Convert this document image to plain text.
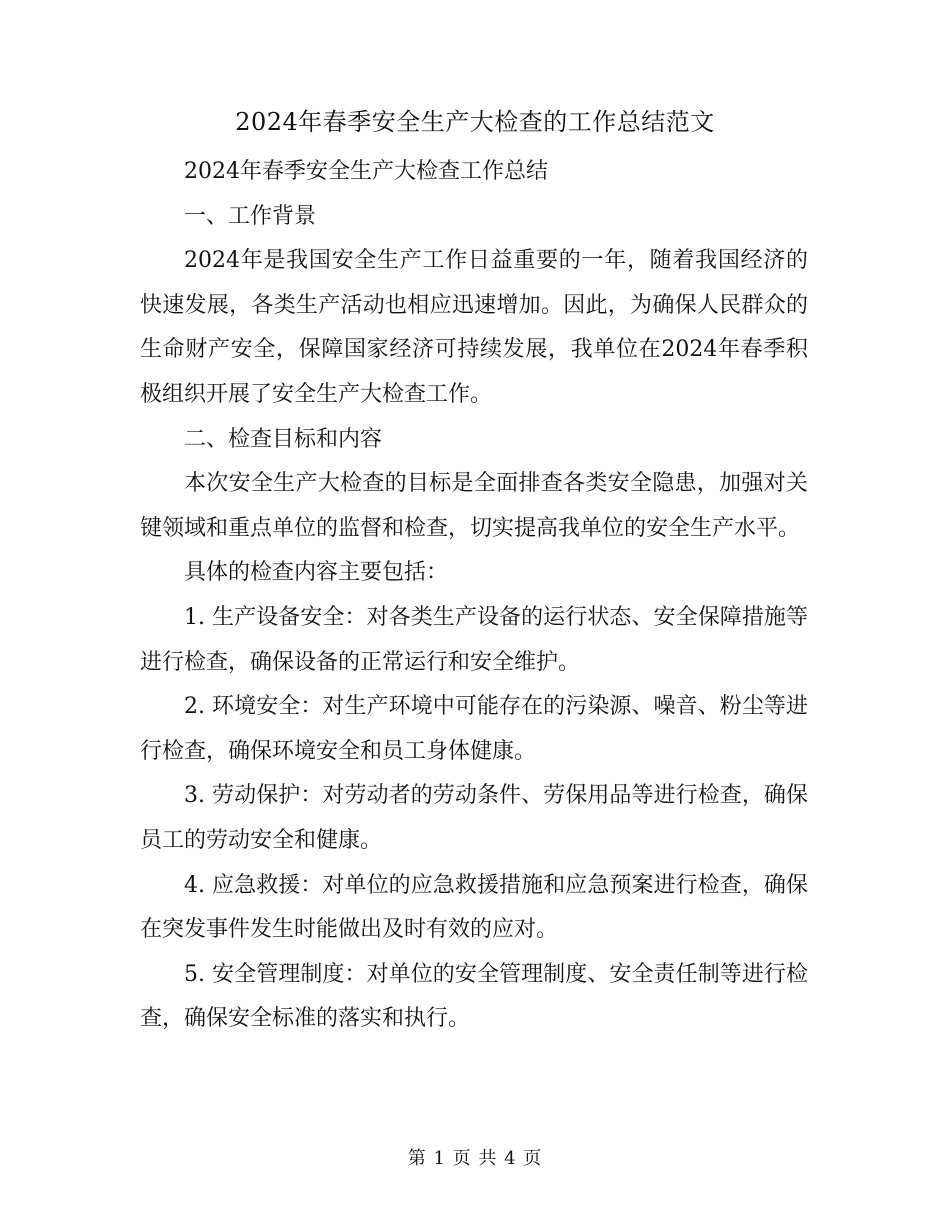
2024年春季安全生产大检查的工作总结范文

2024年春季安全生产大检查工作总结

一、工作背景

2024年是我国安全生产工作日益重要的一年，随着我国经济的快速发展，各类生产活动也相应迅速增加。因此，为确保人民群众的生命财产安全，保障国家经济可持续发展，我单位在2024年春季积极组织开展了安全生产大检查工作。

二、检查目标和内容

本次安全生产大检查的目标是全面排查各类安全隐患，加强对关键领域和重点单位的监督和检查，切实提高我单位的安全生产水平。

具体的检查内容主要包括：

1. 生产设备安全：对各类生产设备的运行状态、安全保障措施等进行检查，确保设备的正常运行和安全维护。

2. 环境安全：对生产环境中可能存在的污染源、噪音、粉尘等进行检查，确保环境安全和员工身体健康。

3. 劳动保护：对劳动者的劳动条件、劳保用品等进行检查，确保员工的劳动安全和健康。

4. 应急救援：对单位的应急救援措施和应急预案进行检查，确保在突发事件发生时能做出及时有效的应对。

5. 安全管理制度：对单位的安全管理制度、安全责任制等进行检查，确保安全标准的落实和执行。

第 1 页 共 4 页
